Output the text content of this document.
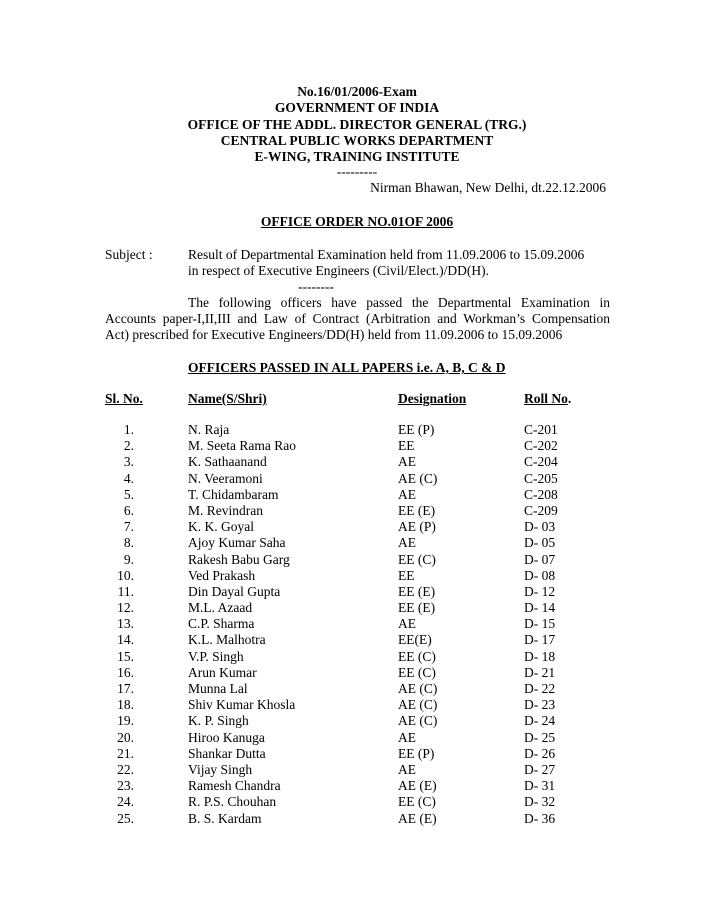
No.16/01/2006-Exam
GOVERNMENT OF INDIA
OFFICE OF THE ADDL. DIRECTOR GENERAL (TRG.)
CENTRAL PUBLIC WORKS DEPARTMENT
E-WING, TRAINING INSTITUTE
---------
Nirman Bhawan, New Delhi, dt.22.12.2006
OFFICE ORDER NO.01OF 2006
Subject :	Result of Departmental Examination held from 11.09.2006 to 15.09.2006
in respect of Executive Engineers (Civil/Elect.)/DD(H).
--------
The following officers have passed the Departmental Examination in
Accounts paper-I,II,III and Law of Contract (Arbitration and Workman’s Compensation
Act) prescribed for Executive Engineers/DD(H) held from 11.09.2006 to 15.09.2006
OFFICERS PASSED IN ALL PAPERS i.e. A, B, C & D
Sl. No.	Name(S/Shri)	Designation	Roll No.
1.	N. Raja	EE (P)	C-201
2.	M. Seeta Rama Rao	EE	C-202
3.	K. Sathaanand	AE	C-204
4.	N. Veeramoni	AE (C)	C-205
5.	T. Chidambaram	AE	C-208
6.	M. Revindran	EE (E)	C-209
7.	K. K. Goyal	AE (P)	D- 03
8.	Ajoy Kumar Saha	AE	D- 05
9.	Rakesh Babu Garg	EE (C)	D- 07
10.	Ved Prakash	EE	D- 08
11.	Din Dayal Gupta	EE (E)	D- 12
12.	M.L. Azaad	EE (E)	D- 14
13.	C.P. Sharma	AE	D- 15
14.	K.L. Malhotra	EE(E)	D- 17
15.	V.P. Singh	EE (C)	D- 18
16.	Arun Kumar	EE (C)	D- 21
17.	Munna Lal	AE (C)	D- 22
18.	Shiv Kumar Khosla	AE (C)	D- 23
19.	K. P. Singh	AE (C)	D- 24
20.	Hiroo Kanuga	AE	D- 25
21.	Shankar Dutta	EE (P)	D- 26
22.	Vijay Singh	AE	D- 27
23.	Ramesh Chandra	AE (E)	D- 31
24.	R. P.S. Chouhan	EE (C)	D- 32
25.	B. S. Kardam	AE (E)	D- 36
